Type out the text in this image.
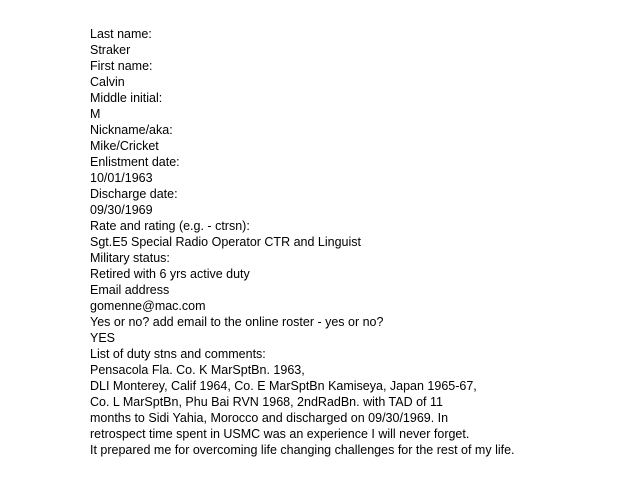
Last name:
Straker
First name:
Calvin
Middle initial:
M
Nickname/aka:
Mike/Cricket
Enlistment date:
10/01/1963
Discharge date:
09/30/1969
Rate and rating (e.g. - ctrsn):
Sgt.E5 Special Radio Operator CTR and Linguist
Military status:
Retired with 6 yrs active duty
Email address
gomenne@mac.com
Yes or no? add email to the online roster - yes or no?
YES
List of duty stns and comments:
Pensacola Fla. Co. K MarSptBn. 1963,
DLI Monterey, Calif 1964, Co. E MarSptBn Kamiseya, Japan 1965-67,
Co. L MarSptBn, Phu Bai RVN 1968, 2ndRadBn. with TAD of 11
months to Sidi Yahia, Morocco and discharged on 09/30/1969. In
retrospect time spent in USMC was an experience I will never forget.
It prepared me for overcoming life changing challenges for the rest of my life.
